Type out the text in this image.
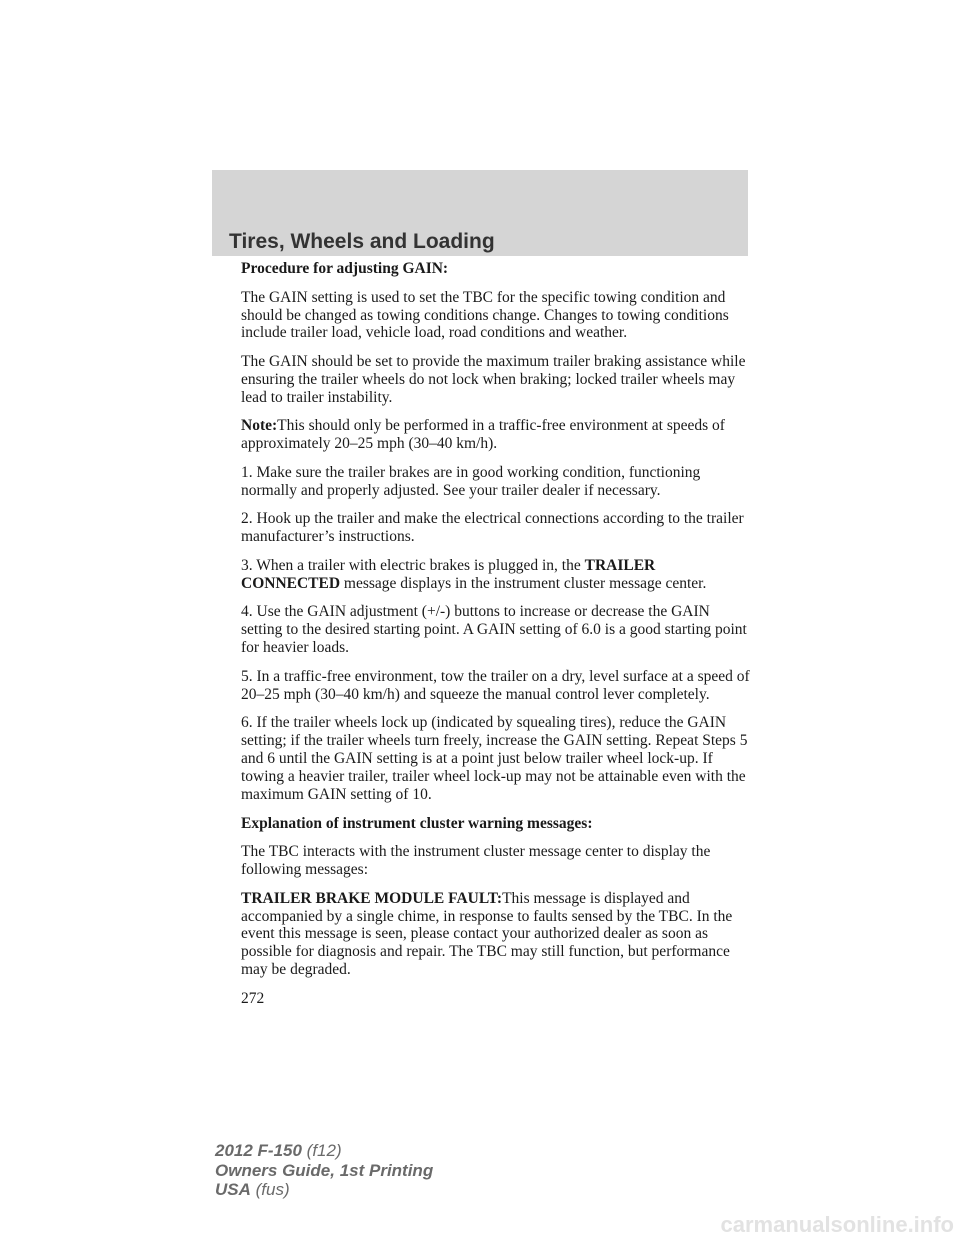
Tires, Wheels and Loading

Procedure for adjusting GAIN:

The GAIN setting is used to set the TBC for the specific towing condition and should be changed as towing conditions change. Changes to towing conditions include trailer load, vehicle load, road conditions and weather.

The GAIN should be set to provide the maximum trailer braking assistance while ensuring the trailer wheels do not lock when braking; locked trailer wheels may lead to trailer instability.

Note:This should only be performed in a traffic-free environment at speeds of approximately 20–25 mph (30–40 km/h).

1. Make sure the trailer brakes are in good working condition, functioning normally and properly adjusted. See your trailer dealer if necessary.

2. Hook up the trailer and make the electrical connections according to the trailer manufacturer’s instructions.

3. When a trailer with electric brakes is plugged in, the TRAILER CONNECTED message displays in the instrument cluster message center.

4. Use the GAIN adjustment (+/-) buttons to increase or decrease the GAIN setting to the desired starting point. A GAIN setting of 6.0 is a good starting point for heavier loads.

5. In a traffic-free environment, tow the trailer on a dry, level surface at a speed of 20–25 mph (30–40 km/h) and squeeze the manual control lever completely.

6. If the trailer wheels lock up (indicated by squealing tires), reduce the GAIN setting; if the trailer wheels turn freely, increase the GAIN setting. Repeat Steps 5 and 6 until the GAIN setting is at a point just below trailer wheel lock-up. If towing a heavier trailer, trailer wheel lock-up may not be attainable even with the maximum GAIN setting of 10.

Explanation of instrument cluster warning messages:

The TBC interacts with the instrument cluster message center to display the following messages:

TRAILER BRAKE MODULE FAULT:This message is displayed and accompanied by a single chime, in response to faults sensed by the TBC. In the event this message is seen, please contact your authorized dealer as soon as possible for diagnosis and repair. The TBC may still function, but performance may be degraded.

272
2012 F-150 (f12)
Owners Guide, 1st Printing
USA (fus)
carmanualsonline.info
